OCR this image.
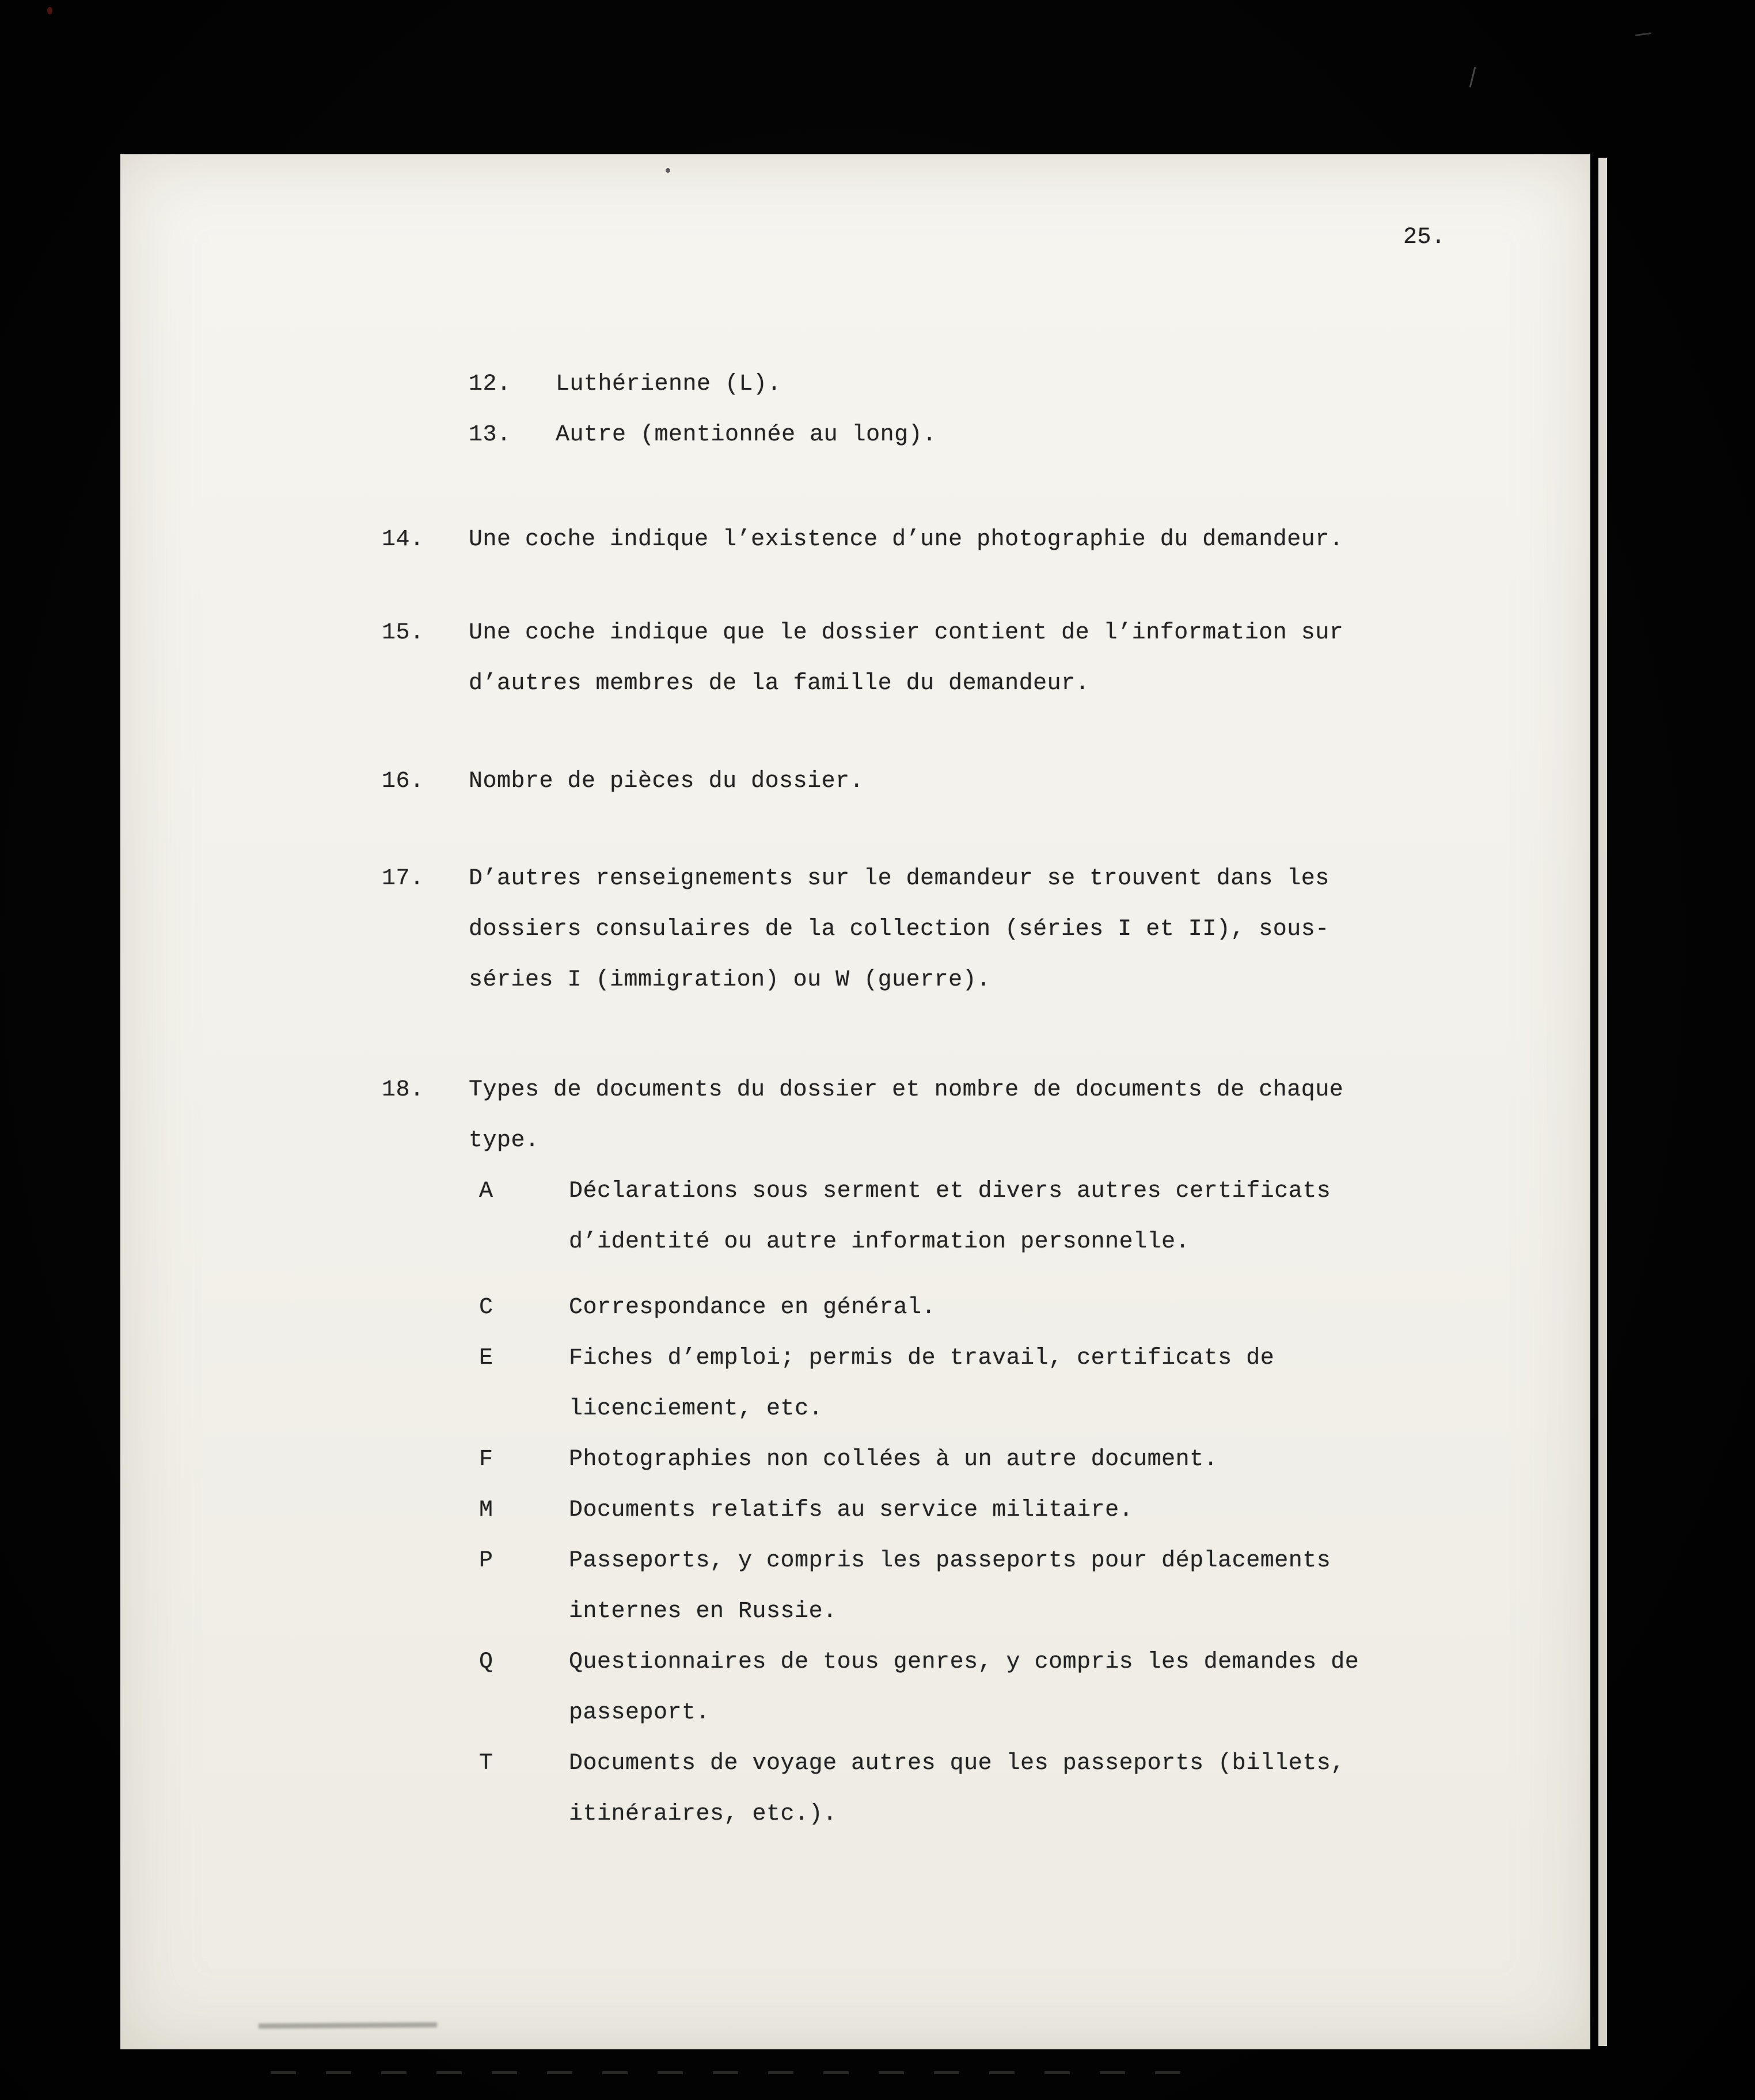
25.
12.	Luthérienne (L).
13.	Autre (mentionnée au long).
14.	Une coche indique l’existence d’une photographie du demandeur.
15.	Une coche indique que le dossier contient de l’information sur
d’autres membres de la famille du demandeur.
16.	Nombre de pièces du dossier.
17.	D’autres renseignements sur le demandeur se trouvent dans les
dossiers consulaires de la collection (séries I et II), sous-
séries I (immigration) ou W (guerre).
18.	Types de documents du dossier et nombre de documents de chaque
type.
A	Déclarations sous serment et divers autres certificats
d’identité ou autre information personnelle.
C	Correspondance en général.
E	Fiches d’emploi; permis de travail, certificats de
licenciement, etc.
F	Photographies non collées à un autre document.
M	Documents relatifs au service militaire.
P	Passeports, y compris les passeports pour déplacements
internes en Russie.
Q	Questionnaires de tous genres, y compris les demandes de
passeport.
T	Documents de voyage autres que les passeports (billets,
itinéraires, etc.).
